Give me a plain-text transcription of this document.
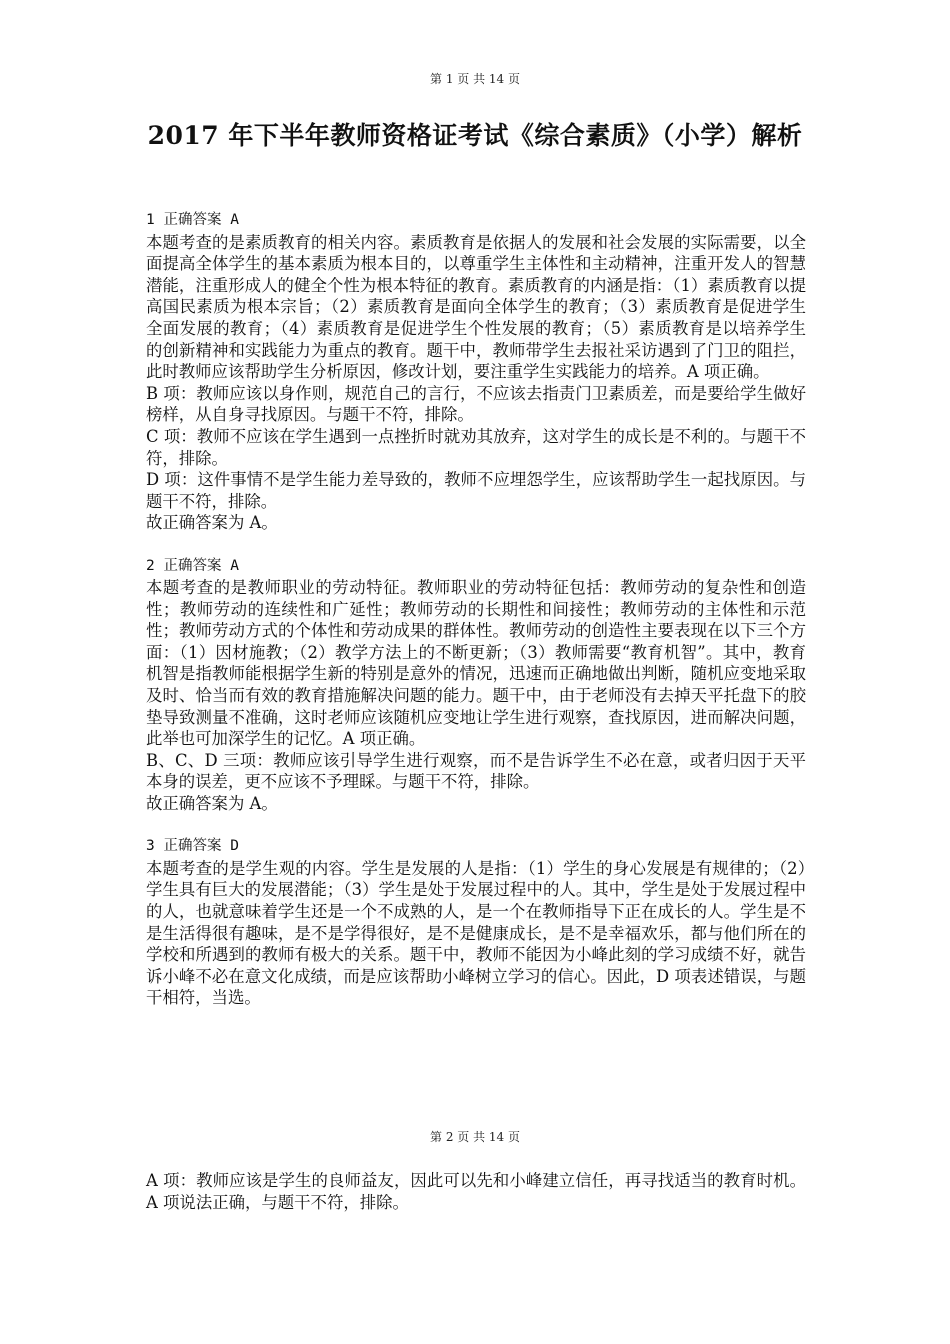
第 1 页 共 14 页
2017 年下半年教师资格证考试《综合素质》（小学）解析
1 正确答案 A

本题考查的是素质教育的相关内容。素质教育是依据人的发展和社会发展的实际需要，以全面提高全体学生的基本素质为根本目的，以尊重学生主体性和主动精神，注重开发人的智慧潜能，注重形成人的健全个性为根本特征的教育。素质教育的内涵是指：（1）素质教育以提高国民素质为根本宗旨；（2）素质教育是面向全体学生的教育；（3）素质教育是促进学生全面发展的教育；（4）素质教育是促进学生个性发展的教育；（5）素质教育是以培养学生的创新精神和实践能力为重点的教育。题干中，教师带学生去报社采访遇到了门卫的阻拦，此时教师应该帮助学生分析原因，修改计划，要注重学生实践能力的培养。A 项正确。

B 项：教师应该以身作则，规范自己的言行，不应该去指责门卫素质差，而是要给学生做好榜样，从自身寻找原因。与题干不符，排除。

C 项：教师不应该在学生遇到一点挫折时就劝其放弃，这对学生的成长是不利的。与题干不符，排除。

D 项：这件事情不是学生能力差导致的，教师不应埋怨学生，应该帮助学生一起找原因。与题干不符，排除。

故正确答案为 A。

2 正确答案 A

本题考查的是教师职业的劳动特征。教师职业的劳动特征包括：教师劳动的复杂性和创造性；教师劳动的连续性和广延性；教师劳动的长期性和间接性；教师劳动的主体性和示范性；教师劳动方式的个体性和劳动成果的群体性。教师劳动的创造性主要表现在以下三个方面：（1）因材施教；（2）教学方法上的不断更新；（3）教师需要“教育机智”。其中，教育机智是指教师能根据学生新的特别是意外的情况，迅速而正确地做出判断，随机应变地采取及时、恰当而有效的教育措施解决问题的能力。题干中，由于老师没有去掉天平托盘下的胶垫导致测量不准确，这时老师应该随机应变地让学生进行观察，查找原因，进而解决问题，此举也可加深学生的记忆。A 项正确。

B、C、D 三项：教师应该引导学生进行观察，而不是告诉学生不必在意，或者归因于天平本身的误差，更不应该不予理睬。与题干不符，排除。

故正确答案为 A。

3 正确答案 D

本题考查的是学生观的内容。学生是发展的人是指：（1）学生的身心发展是有规律的；（2）学生具有巨大的发展潜能；（3）学生是处于发展过程中的人。其中，学生是处于发展过程中的人，也就意味着学生还是一个不成熟的人，是一个在教师指导下正在成长的人。学生是不是生活得很有趣味，是不是学得很好，是不是健康成长，是不是幸福欢乐，都与他们所在的学校和所遇到的教师有极大的关系。题干中，教师不能因为小峰此刻的学习成绩不好，就告诉小峰不必在意文化成绩，而是应该帮助小峰树立学习的信心。因此，D 项表述错误，与题干相符，当选。

第 2 页 共 14 页

A 项：教师应该是学生的良师益友，因此可以先和小峰建立信任，再寻找适当的教育时机。A 项说法正确，与题干不符，排除。
